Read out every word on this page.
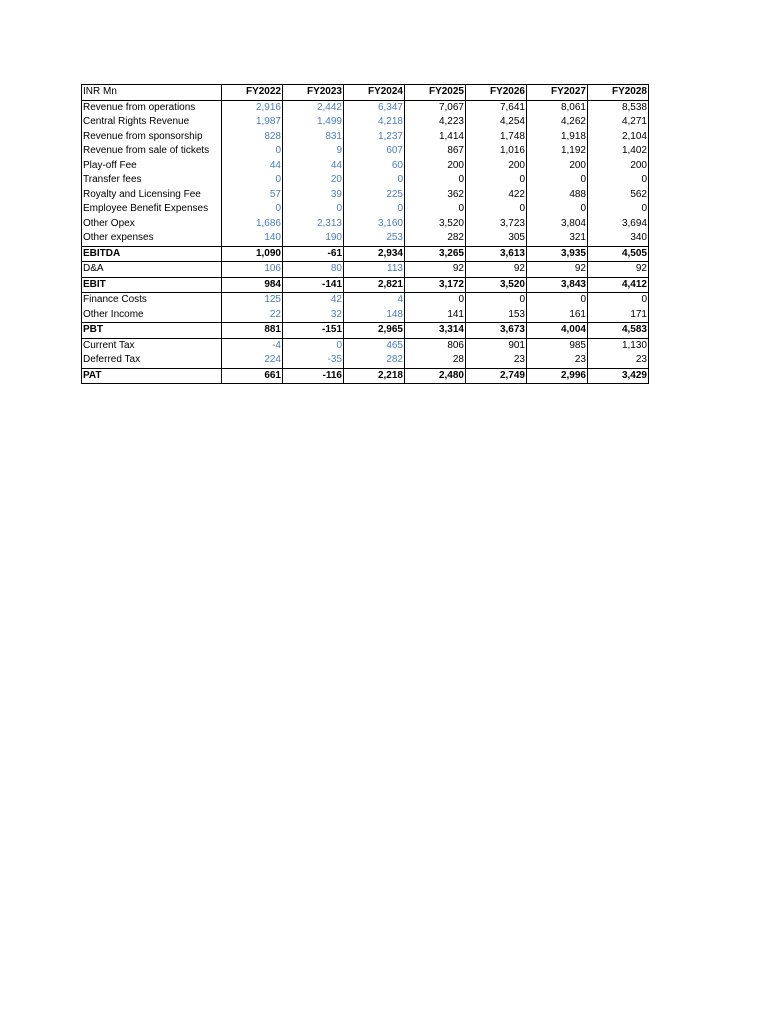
INR Mn	FY2022	FY2023	FY2024	FY2025	FY2026	FY2027	FY2028
Revenue from operations	2,916	2,442	6,347	7,067	7,641	8,061	8,538
Central Rights Revenue	1,987	1,499	4,218	4,223	4,254	4,262	4,271
Revenue from sponsorship	828	831	1,237	1,414	1,748	1,918	2,104
Revenue from sale of tickets	0	9	607	867	1,016	1,192	1,402
Play-off Fee	44	44	60	200	200	200	200
Transfer fees	0	20	0	0	0	0	0
Royalty and Licensing Fee	57	39	225	362	422	488	562
Employee Benefit Expenses	0	0	0	0	0	0	0
Other Opex	1,686	2,313	3,160	3,520	3,723	3,804	3,694
Other expenses	140	190	253	282	305	321	340
EBITDA	1,090	-61	2,934	3,265	3,613	3,935	4,505
D&A	106	80	113	92	92	92	92
EBIT	984	-141	2,821	3,172	3,520	3,843	4,412
Finance Costs	125	42	4	0	0	0	0
Other Income	22	32	148	141	153	161	171
PBT	881	-151	2,965	3,314	3,673	4,004	4,583
Current Tax	-4	0	465	806	901	985	1,130
Deferred Tax	224	-35	282	28	23	23	23
PAT	661	-116	2,218	2,480	2,749	2,996	3,429
